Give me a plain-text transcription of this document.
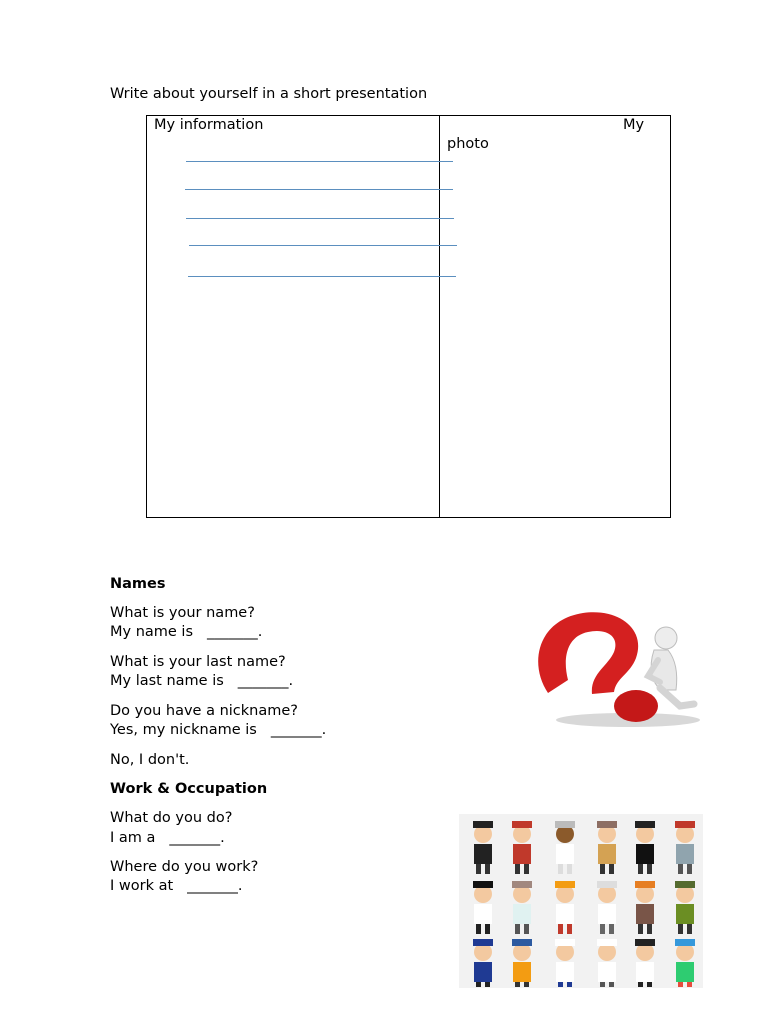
Write about yourself in a short presentation
My information	My
photo
Names
What is your name?
My name is _______.
What is your last name?
My last name is _______.
Do you have a nickname?
Yes, my nickname is _______.
No, I don't.
Work & Occupation
What do you do?
I am a _______.
Where do you work?
I work at _______.
